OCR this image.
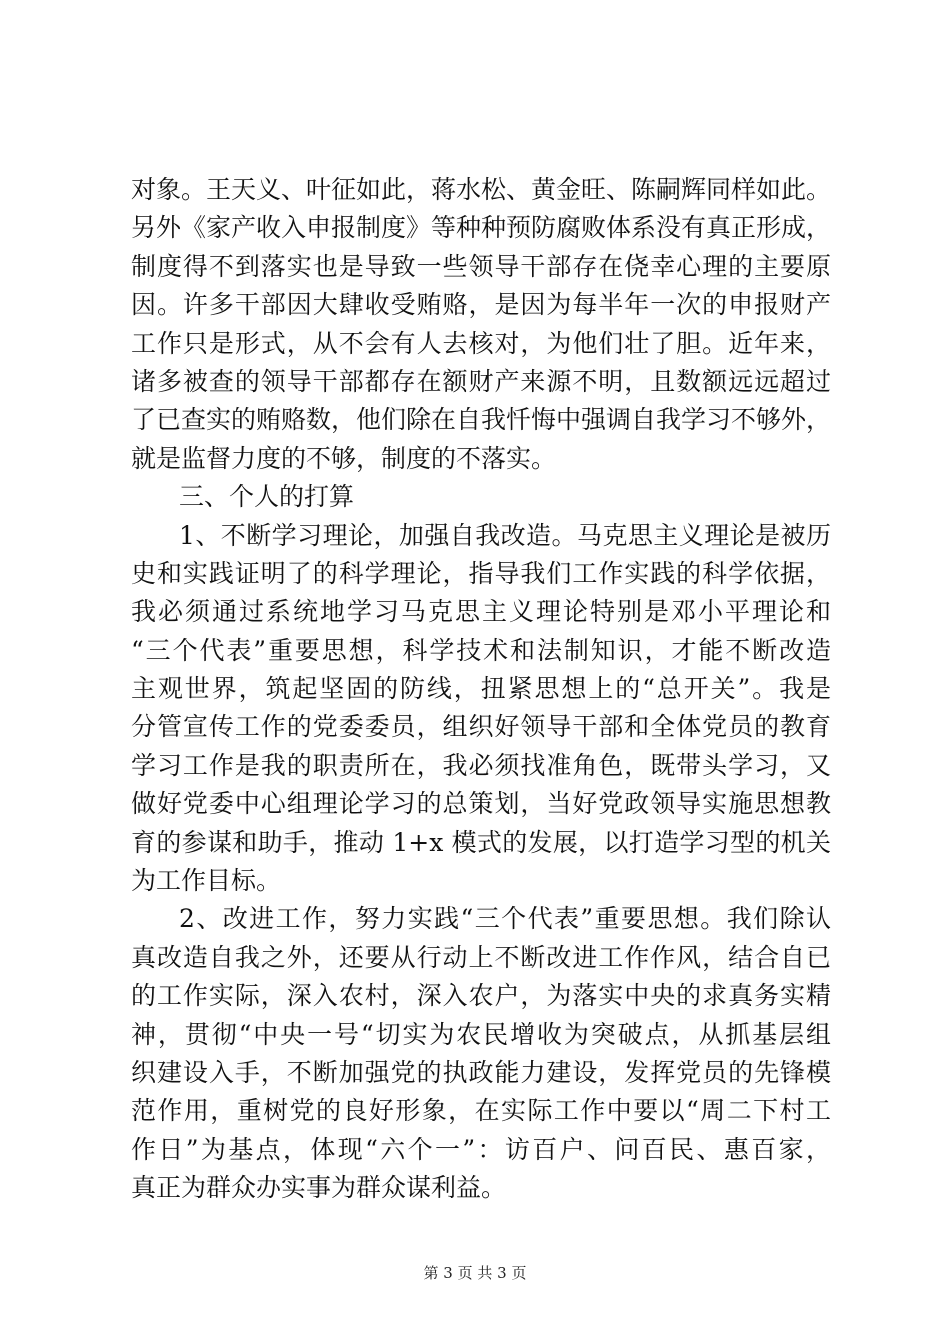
对象。王天义、叶征如此，蒋水松、黄金旺、陈嗣辉同样如此。
另外《家产收入申报制度》等种种预防腐败体系没有真正形成，
制度得不到落实也是导致一些领导干部存在侥幸心理的主要原
因。许多干部因大肆收受贿赂，是因为每半年一次的申报财产
工作只是形式，从不会有人去核对，为他们壮了胆。近年来，
诸多被查的领导干部都存在额财产来源不明，且数额远远超过
了已查实的贿赂数，他们除在自我忏悔中强调自我学习不够外，
就是监督力度的不够，制度的不落实。
三、个人的打算
1、不断学习理论，加强自我改造。马克思主义理论是被历
史和实践证明了的科学理论，指导我们工作实践的科学依据，
我必须通过系统地学习马克思主义理论特别是邓小平理论和
“三个代表”重要思想，科学技术和法制知识，才能不断改造
主观世界，筑起坚固的防线，扭紧思想上的“总开关”。我是
分管宣传工作的党委委员，组织好领导干部和全体党员的教育
学习工作是我的职责所在，我必须找准角色，既带头学习，又
做好党委中心组理论学习的总策划，当好党政领导实施思想教
育的参谋和助手，推动 1+x 模式的发展，以打造学习型的机关
为工作目标。
2、改进工作，努力实践“三个代表”重要思想。我们除认
真改造自我之外，还要从行动上不断改进工作作风，结合自已
的工作实际，深入农村，深入农户，为落实中央的求真务实精
神，贯彻“中央一号“切实为农民增收为突破点，从抓基层组
织建设入手，不断加强党的执政能力建设，发挥党员的先锋模
范作用，重树党的良好形象，在实际工作中要以“周二下村工
作日”为基点，体现“六个一”：访百户、问百民、惠百家，
真正为群众办实事为群众谋利益。
第 3 页 共 3 页
